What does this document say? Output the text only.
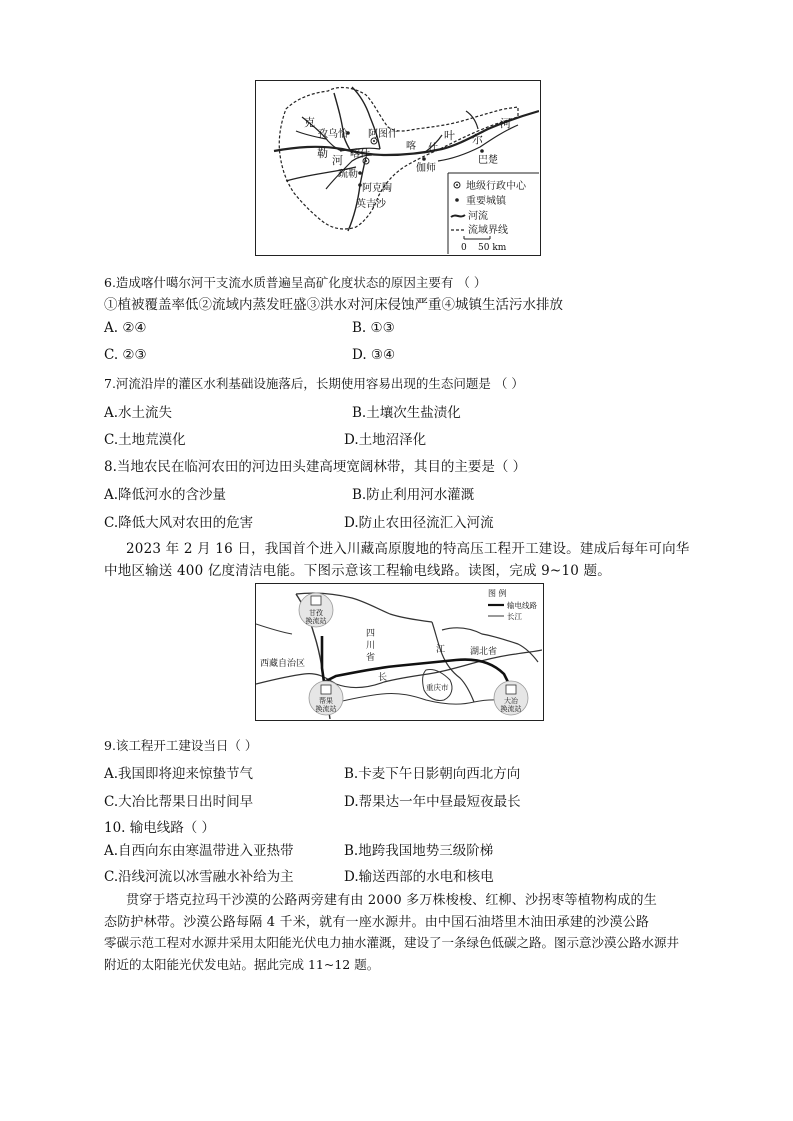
克
孜乌恰
勒
河 喀什
疏勒
阿克陶
英吉沙
阿图什
喀 什
伽师
叶 尔
河
巴楚
地级行政中心
重要城镇
河流
流域界线
0 50 km
6.造成喀什噶尔河干支流水质普遍呈高矿化度状态的原因主要有 （ ）
①植被覆盖率低②流域内蒸发旺盛③洪水对河床侵蚀严重④城镇生活污水排放
A. ②④	B. ①③
C. ②③	D. ③④
7.河流沿岸的灌区水利基础设施落后，长期使用容易出现的生态问题是 （ ）
A.水土流失	B.土壤次生盐渍化
C.土地荒漠化	D.土地沼泽化
8.当地农民在临河农田的河边田头建高埂宽阔林带，其目的主要是（ ）
A.降低河水的含沙量	B.防止利用河水灌溉
C.降低大风对农田的危害	D.防止农田径流汇入河流
2023 年 2 月 16 日，我国首个进入川藏高原腹地的特高压工程开工建设。建成后每年可向华
中地区输送 400 亿度清洁电能。下图示意该工程输电线路。读图，完成 9~10 题。
甘孜
换流站
帮果
换流站
大冶
换流站
四
川
省
西藏自治区
湖北省
江
长
重庆市
图 例
输电线路
长江
9.该工程开工建设当日（ ）
A.我国即将迎来惊蛰节气	B.卡麦下午日影朝向西北方向
C.大冶比帮果日出时间早	D.帮果达一年中昼最短夜最长
10. 输电线路（ ）
A.自西向东由寒温带进入亚热带	B.地跨我国地势三级阶梯
C.沿线河流以冰雪融水补给为主	D.输送西部的水电和核电
贯穿于塔克拉玛干沙漠的公路两旁建有由 2000 多万株梭梭、红柳、沙拐枣等植物构成的生
态防护林带。沙漠公路每隔 4 千米，就有一座水源井。由中国石油塔里木油田承建的沙漠公路
零碳示范工程对水源井采用太阳能光伏电力抽水灌溉，建设了一条绿色低碳之路。图示意沙漠公路水源井
附近的太阳能光伏发电站。据此完成 11~12 题。
